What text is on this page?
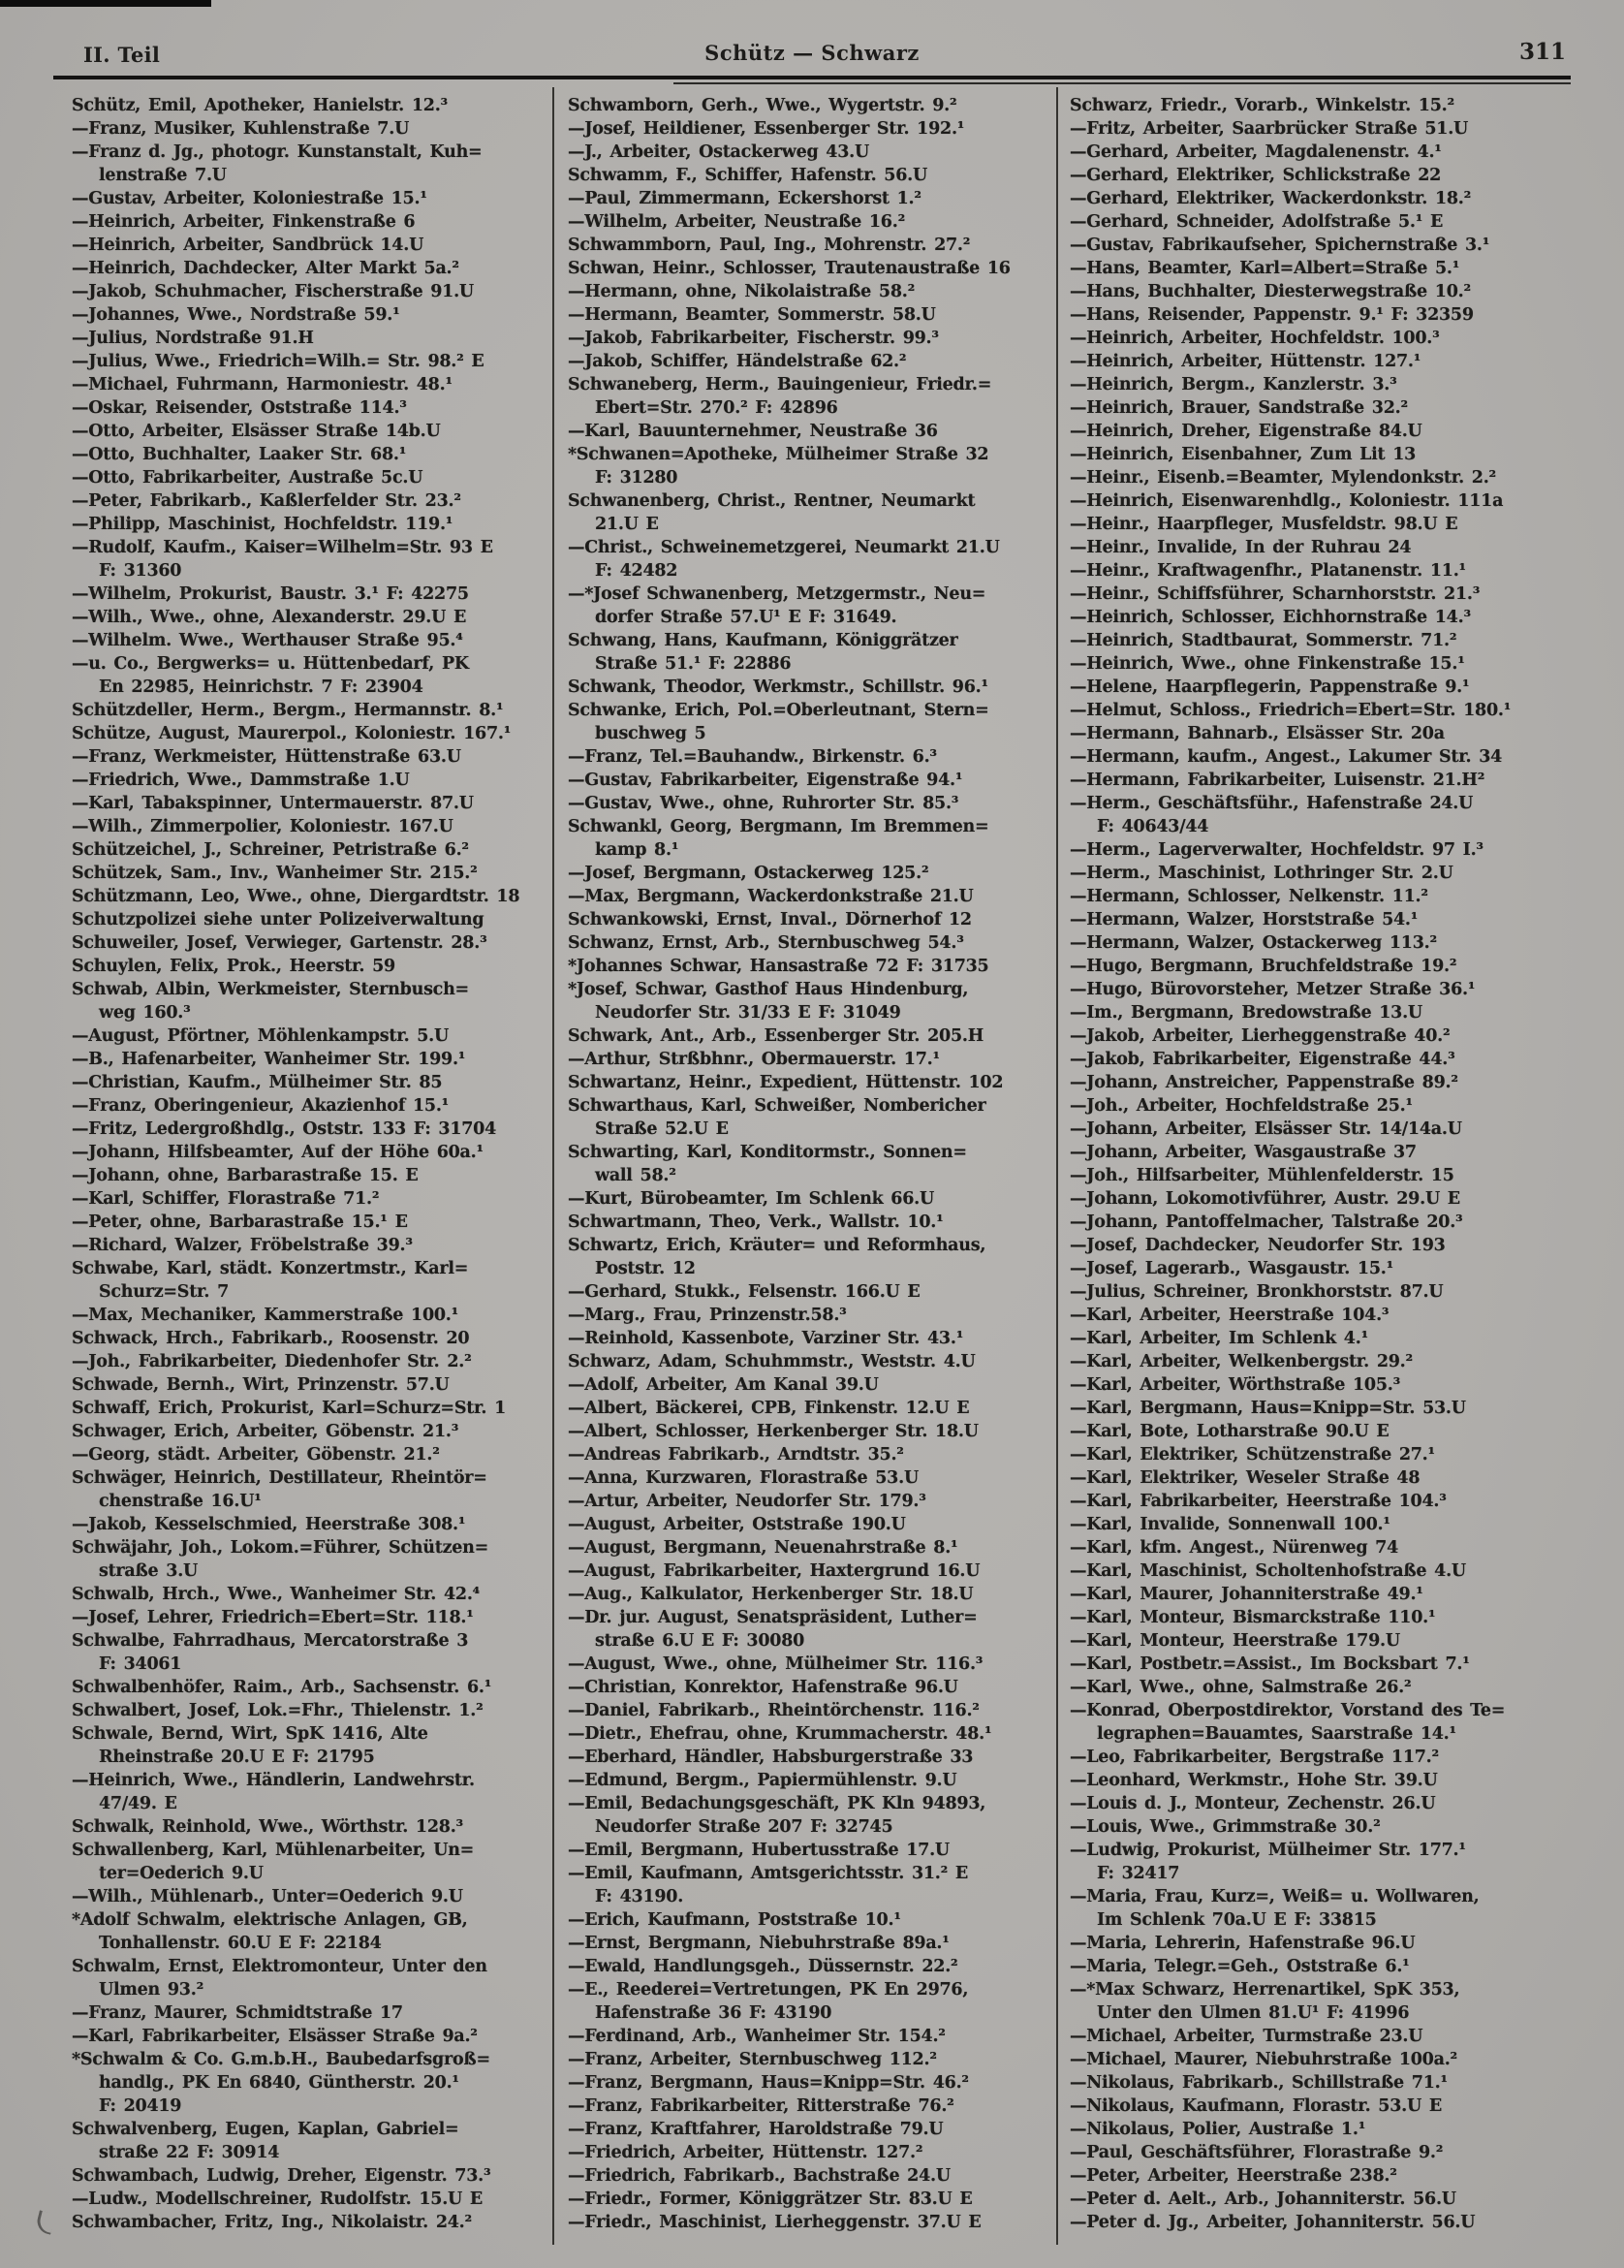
II. Teil	Schütz — Schwarz	311
Schütz, Emil, Apotheker, Hanielstr. 12.³
—Franz, Musiker, Kuhlenstraße 7.U
—Franz d. Jg., photogr. Kunstanstalt, Kuh=
lenstraße 7.U
—Gustav, Arbeiter, Koloniestraße 15.¹
—Heinrich, Arbeiter, Finkenstraße 6
—Heinrich, Arbeiter, Sandbrück 14.U
—Heinrich, Dachdecker, Alter Markt 5a.²
—Jakob, Schuhmacher, Fischerstraße 91.U
—Johannes, Wwe., Nordstraße 59.¹
—Julius, Nordstraße 91.H
—Julius, Wwe., Friedrich=Wilh.= Str. 98.² E
—Michael, Fuhrmann, Harmoniestr. 48.¹
—Oskar, Reisender, Oststraße 114.³
—Otto, Arbeiter, Elsässer Straße 14b.U
—Otto, Buchhalter, Laaker Str. 68.¹
—Otto, Fabrikarbeiter, Austraße 5c.U
—Peter, Fabrikarb., Kaßlerfelder Str. 23.²
—Philipp, Maschinist, Hochfeldstr. 119.¹
—Rudolf, Kaufm., Kaiser=Wilhelm=Str. 93 E
F: 31360
—Wilhelm, Prokurist, Baustr. 3.¹ F: 42275
—Wilh., Wwe., ohne, Alexanderstr. 29.U E
—Wilhelm. Wwe., Werthauser Straße 95.⁴
—u. Co., Bergwerks= u. Hüttenbedarf, PK
En 22985, Heinrichstr. 7 F: 23904
Schützdeller, Herm., Bergm., Hermannstr. 8.¹
Schütze, August, Maurerpol., Koloniestr. 167.¹
—Franz, Werkmeister, Hüttenstraße 63.U
—Friedrich, Wwe., Dammstraße 1.U
—Karl, Tabakspinner, Untermauerstr. 87.U
—Wilh., Zimmerpolier, Koloniestr. 167.U
Schützeichel, J., Schreiner, Petristraße 6.²
Schützek, Sam., Inv., Wanheimer Str. 215.²
Schützmann, Leo, Wwe., ohne, Diergardtstr. 18
Schutzpolizei siehe unter Polizeiverwaltung
Schuweiler, Josef, Verwieger, Gartenstr. 28.³
Schuylen, Felix, Prok., Heerstr. 59
Schwab, Albin, Werkmeister, Sternbusch=
weg 160.³
—August, Pförtner, Möhlenkampstr. 5.U
—B., Hafenarbeiter, Wanheimer Str. 199.¹
—Christian, Kaufm., Mülheimer Str. 85
—Franz, Oberingenieur, Akazienhof 15.¹
—Fritz, Ledergroßhdlg., Oststr. 133 F: 31704
—Johann, Hilfsbeamter, Auf der Höhe 60a.¹
—Johann, ohne, Barbarastraße 15. E
—Karl, Schiffer, Florastraße 71.²
—Peter, ohne, Barbarastraße 15.¹ E
—Richard, Walzer, Fröbelstraße 39.³
Schwabe, Karl, städt. Konzertmstr., Karl=
Schurz=Str. 7
—Max, Mechaniker, Kammerstraße 100.¹
Schwack, Hrch., Fabrikarb., Roosenstr. 20
—Joh., Fabrikarbeiter, Diedenhofer Str. 2.²
Schwade, Bernh., Wirt, Prinzenstr. 57.U
Schwaff, Erich, Prokurist, Karl=Schurz=Str. 1
Schwager, Erich, Arbeiter, Göbenstr. 21.³
—Georg, städt. Arbeiter, Göbenstr. 21.²
Schwäger, Heinrich, Destillateur, Rheintör=
chenstraße 16.U¹
—Jakob, Kesselschmied, Heerstraße 308.¹
Schwäjahr, Joh., Lokom.=Führer, Schützen=
straße 3.U
Schwalb, Hrch., Wwe., Wanheimer Str. 42.⁴
—Josef, Lehrer, Friedrich=Ebert=Str. 118.¹
Schwalbe, Fahrradhaus, Mercatorstraße 3
F: 34061
Schwalbenhöfer, Raim., Arb., Sachsenstr. 6.¹
Schwalbert, Josef, Lok.=Fhr., Thielenstr. 1.²
Schwale, Bernd, Wirt, SpK 1416, Alte
Rheinstraße 20.U E F: 21795
—Heinrich, Wwe., Händlerin, Landwehrstr.
47/49. E
Schwalk, Reinhold, Wwe., Wörthstr. 128.³
Schwallenberg, Karl, Mühlenarbeiter, Un=
ter=Oederich 9.U
—Wilh., Mühlenarb., Unter=Oederich 9.U
*Adolf Schwalm, elektrische Anlagen, GB,
Tonhallenstr. 60.U E F: 22184
Schwalm, Ernst, Elektromonteur, Unter den
Ulmen 93.²
—Franz, Maurer, Schmidtstraße 17
—Karl, Fabrikarbeiter, Elsässer Straße 9a.²
*Schwalm & Co. G.m.b.H., Baubedarfsgroß=
handlg., PK En 6840, Güntherstr. 20.¹
F: 20419
Schwalvenberg, Eugen, Kaplan, Gabriel=
straße 22 F: 30914
Schwambach, Ludwig, Dreher, Eigenstr. 73.³
—Ludw., Modellschreiner, Rudolfstr. 15.U E
Schwambacher, Fritz, Ing., Nikolaistr. 24.²
Schwamborn, Gerh., Wwe., Wygertstr. 9.²
—Josef, Heildiener, Essenberger Str. 192.¹
—J., Arbeiter, Ostackerweg 43.U
Schwamm, F., Schiffer, Hafenstr. 56.U
—Paul, Zimmermann, Eckershorst 1.²
—Wilhelm, Arbeiter, Neustraße 16.²
Schwammborn, Paul, Ing., Mohrenstr. 27.²
Schwan, Heinr., Schlosser, Trautenaustraße 16
—Hermann, ohne, Nikolaistraße 58.²
—Hermann, Beamter, Sommerstr. 58.U
—Jakob, Fabrikarbeiter, Fischerstr. 99.³
—Jakob, Schiffer, Händelstraße 62.²
Schwaneberg, Herm., Bauingenieur, Friedr.=
Ebert=Str. 270.² F: 42896
—Karl, Bauunternehmer, Neustraße 36
*Schwanen=Apotheke, Mülheimer Straße 32
F: 31280
Schwanenberg, Christ., Rentner, Neumarkt
21.U E
—Christ., Schweinemetzgerei, Neumarkt 21.U
F: 42482
—*Josef Schwanenberg, Metzgermstr., Neu=
dorfer Straße 57.U¹ E F: 31649.
Schwang, Hans, Kaufmann, Königgrätzer
Straße 51.¹ F: 22886
Schwank, Theodor, Werkmstr., Schillstr. 96.¹
Schwanke, Erich, Pol.=Oberleutnant, Stern=
buschweg 5
—Franz, Tel.=Bauhandw., Birkenstr. 6.³
—Gustav, Fabrikarbeiter, Eigenstraße 94.¹
—Gustav, Wwe., ohne, Ruhrorter Str. 85.³
Schwankl, Georg, Bergmann, Im Bremmen=
kamp 8.¹
—Josef, Bergmann, Ostackerweg 125.²
—Max, Bergmann, Wackerdonkstraße 21.U
Schwankowski, Ernst, Inval., Dörnerhof 12
Schwanz, Ernst, Arb., Sternbuschweg 54.³
*Johannes Schwar, Hansastraße 72 F: 31735
*Josef, Schwar, Gasthof Haus Hindenburg,
Neudorfer Str. 31/33 E F: 31049
Schwark, Ant., Arb., Essenberger Str. 205.H
—Arthur, Strßbhnr., Obermauerstr. 17.¹
Schwartanz, Heinr., Expedient, Hüttenstr. 102
Schwarthaus, Karl, Schweißer, Nombericher
Straße 52.U E
Schwarting, Karl, Konditormstr., Sonnen=
wall 58.²
—Kurt, Bürobeamter, Im Schlenk 66.U
Schwartmann, Theo, Verk., Wallstr. 10.¹
Schwartz, Erich, Kräuter= und Reformhaus,
Poststr. 12
—Gerhard, Stukk., Felsenstr. 166.U E
—Marg., Frau, Prinzenstr.58.³
—Reinhold, Kassenbote, Varziner Str. 43.¹
Schwarz, Adam, Schuhmmstr., Weststr. 4.U
—Adolf, Arbeiter, Am Kanal 39.U
—Albert, Bäckerei, CPB, Finkenstr. 12.U E
—Albert, Schlosser, Herkenberger Str. 18.U
—Andreas Fabrikarb., Arndtstr. 35.²
—Anna, Kurzwaren, Florastraße 53.U
—Artur, Arbeiter, Neudorfer Str. 179.³
—August, Arbeiter, Oststraße 190.U
—August, Bergmann, Neuenahrstraße 8.¹
—August, Fabrikarbeiter, Haxtergrund 16.U
—Aug., Kalkulator, Herkenberger Str. 18.U
—Dr. jur. August, Senatspräsident, Luther=
straße 6.U E F: 30080
—August, Wwe., ohne, Mülheimer Str. 116.³
—Christian, Konrektor, Hafenstraße 96.U
—Daniel, Fabrikarb., Rheintörchenstr. 116.²
—Dietr., Ehefrau, ohne, Krummacherstr. 48.¹
—Eberhard, Händler, Habsburgerstraße 33
—Edmund, Bergm., Papiermühlenstr. 9.U
—Emil, Bedachungsgeschäft, PK Kln 94893,
Neudorfer Straße 207 F: 32745
—Emil, Bergmann, Hubertusstraße 17.U
—Emil, Kaufmann, Amtsgerichtsstr. 31.² E
F: 43190.
—Erich, Kaufmann, Poststraße 10.¹
—Ernst, Bergmann, Niebuhrstraße 89a.¹
—Ewald, Handlungsgeh., Düssernstr. 22.²
—E., Reederei=Vertretungen, PK En 2976,
Hafenstraße 36 F: 43190
—Ferdinand, Arb., Wanheimer Str. 154.²
—Franz, Arbeiter, Sternbuschweg 112.²
—Franz, Bergmann, Haus=Knipp=Str. 46.²
—Franz, Fabrikarbeiter, Ritterstraße 76.²
—Franz, Kraftfahrer, Haroldstraße 79.U
—Friedrich, Arbeiter, Hüttenstr. 127.²
—Friedrich, Fabrikarb., Bachstraße 24.U
—Friedr., Former, Königgrätzer Str. 83.U E
—Friedr., Maschinist, Lierheggenstr. 37.U E
Schwarz, Friedr., Vorarb., Winkelstr. 15.²
—Fritz, Arbeiter, Saarbrücker Straße 51.U
—Gerhard, Arbeiter, Magdalenenstr. 4.¹
—Gerhard, Elektriker, Schlickstraße 22
—Gerhard, Elektriker, Wackerdonkstr. 18.²
—Gerhard, Schneider, Adolfstraße 5.¹ E
—Gustav, Fabrikaufseher, Spichernstraße 3.¹
—Hans, Beamter, Karl=Albert=Straße 5.¹
—Hans, Buchhalter, Diesterwegstraße 10.²
—Hans, Reisender, Pappenstr. 9.¹ F: 32359
—Heinrich, Arbeiter, Hochfeldstr. 100.³
—Heinrich, Arbeiter, Hüttenstr. 127.¹
—Heinrich, Bergm., Kanzlerstr. 3.³
—Heinrich, Brauer, Sandstraße 32.²
—Heinrich, Dreher, Eigenstraße 84.U
—Heinrich, Eisenbahner, Zum Lit 13
—Heinr., Eisenb.=Beamter, Mylendonkstr. 2.²
—Heinrich, Eisenwarenhdlg., Koloniestr. 111a
—Heinr., Haarpfleger, Musfeldstr. 98.U E
—Heinr., Invalide, In der Ruhrau 24
—Heinr., Kraftwagenfhr., Platanenstr. 11.¹
—Heinr., Schiffsführer, Scharnhorststr. 21.³
—Heinrich, Schlosser, Eichhornstraße 14.³
—Heinrich, Stadtbaurat, Sommerstr. 71.²
—Heinrich, Wwe., ohne Finkenstraße 15.¹
—Helene, Haarpflegerin, Pappenstraße 9.¹
—Helmut, Schloss., Friedrich=Ebert=Str. 180.¹
—Hermann, Bahnarb., Elsässer Str. 20a
—Hermann, kaufm., Angest., Lakumer Str. 34
—Hermann, Fabrikarbeiter, Luisenstr. 21.H²
—Herm., Geschäftsführ., Hafenstraße 24.U
F: 40643/44
—Herm., Lagerverwalter, Hochfeldstr. 97 I.³
—Herm., Maschinist, Lothringer Str. 2.U
—Hermann, Schlosser, Nelkenstr. 11.²
—Hermann, Walzer, Horststraße 54.¹
—Hermann, Walzer, Ostackerweg 113.²
—Hugo, Bergmann, Bruchfeldstraße 19.²
—Hugo, Bürovorsteher, Metzer Straße 36.¹
—Im., Bergmann, Bredowstraße 13.U
—Jakob, Arbeiter, Lierheggenstraße 40.²
—Jakob, Fabrikarbeiter, Eigenstraße 44.³
—Johann, Anstreicher, Pappenstraße 89.²
—Joh., Arbeiter, Hochfeldstraße 25.¹
—Johann, Arbeiter, Elsässer Str. 14/14a.U
—Johann, Arbeiter, Wasgaustraße 37
—Joh., Hilfsarbeiter, Mühlenfelderstr. 15
—Johann, Lokomotivführer, Austr. 29.U E
—Johann, Pantoffelmacher, Talstraße 20.³
—Josef, Dachdecker, Neudorfer Str. 193
—Josef, Lagerarb., Wasgaustr. 15.¹
—Julius, Schreiner, Bronkhorststr. 87.U
—Karl, Arbeiter, Heerstraße 104.³
—Karl, Arbeiter, Im Schlenk 4.¹
—Karl, Arbeiter, Welkenbergstr. 29.²
—Karl, Arbeiter, Wörthstraße 105.³
—Karl, Bergmann, Haus=Knipp=Str. 53.U
—Karl, Bote, Lotharstraße 90.U E
—Karl, Elektriker, Schützenstraße 27.¹
—Karl, Elektriker, Weseler Straße 48
—Karl, Fabrikarbeiter, Heerstraße 104.³
—Karl, Invalide, Sonnenwall 100.¹
—Karl, kfm. Angest., Nürenweg 74
—Karl, Maschinist, Scholtenhofstraße 4.U
—Karl, Maurer, Johanniterstraße 49.¹
—Karl, Monteur, Bismarckstraße 110.¹
—Karl, Monteur, Heerstraße 179.U
—Karl, Postbetr.=Assist., Im Bocksbart 7.¹
—Karl, Wwe., ohne, Salmstraße 26.²
—Konrad, Oberpostdirektor, Vorstand des Te=
legraphen=Bauamtes, Saarstraße 14.¹
—Leo, Fabrikarbeiter, Bergstraße 117.²
—Leonhard, Werkmstr., Hohe Str. 39.U
—Louis d. J., Monteur, Zechenstr. 26.U
—Louis, Wwe., Grimmstraße 30.²
—Ludwig, Prokurist, Mülheimer Str. 177.¹
F: 32417
—Maria, Frau, Kurz=, Weiß= u. Wollwaren,
Im Schlenk 70a.U E F: 33815
—Maria, Lehrerin, Hafenstraße 96.U
—Maria, Telegr.=Geh., Oststraße 6.¹
—*Max Schwarz, Herrenartikel, SpK 353,
Unter den Ulmen 81.U¹ F: 41996
—Michael, Arbeiter, Turmstraße 23.U
—Michael, Maurer, Niebuhrstraße 100a.²
—Nikolaus, Fabrikarb., Schillstraße 71.¹
—Nikolaus, Kaufmann, Florastr. 53.U E
—Nikolaus, Polier, Austraße 1.¹
—Paul, Geschäftsführer, Florastraße 9.²
—Peter, Arbeiter, Heerstraße 238.²
—Peter d. Aelt., Arb., Johanniterstr. 56.U
—Peter d. Jg., Arbeiter, Johanniterstr. 56.U
